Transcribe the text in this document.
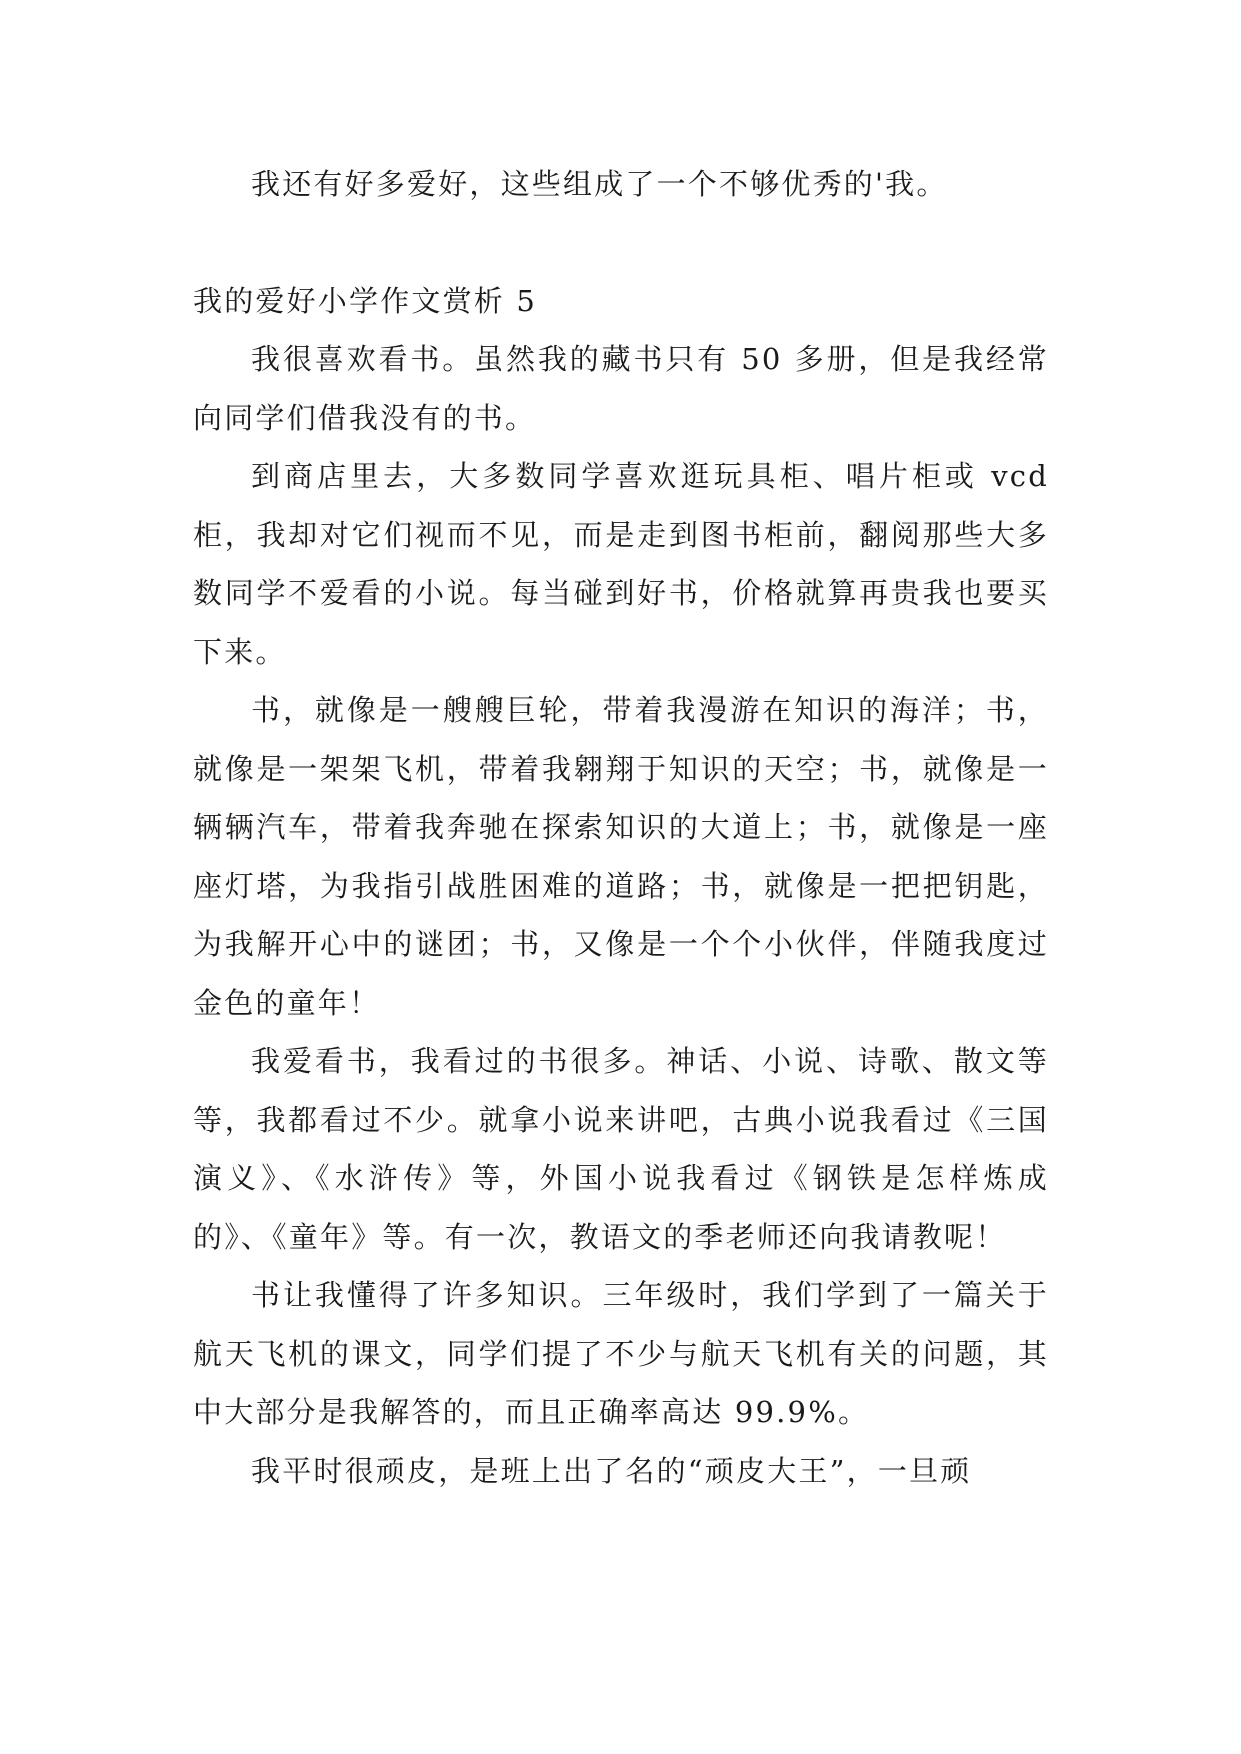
我还有好多爱好，这些组成了一个不够优秀的'我。

我的爱好小学作文赏析 5

我很喜欢看书。虽然我的藏书只有 50 多册，但是我经常向同学们借我没有的书。

到商店里去，大多数同学喜欢逛玩具柜、唱片柜或 vcd 柜，我却对它们视而不见，而是走到图书柜前，翻阅那些大多数同学不爱看的小说。每当碰到好书，价格就算再贵我也要买下来。

书，就像是一艘艘巨轮，带着我漫游在知识的海洋；书，就像是一架架飞机，带着我翱翔于知识的天空；书，就像是一辆辆汽车，带着我奔驰在探索知识的大道上；书，就像是一座座灯塔，为我指引战胜困难的道路；书，就像是一把把钥匙，为我解开心中的谜团；书，又像是一个个小伙伴，伴随我度过金色的童年！

我爱看书，我看过的书很多。神话、小说、诗歌、散文等等，我都看过不少。就拿小说来讲吧，古典小说我看过《三国演义》、《水浒传》等，外国小说我看过《钢铁是怎样炼成的》、《童年》等。有一次，教语文的季老师还向我请教呢！

书让我懂得了许多知识。三年级时，我们学到了一篇关于航天飞机的课文，同学们提了不少与航天飞机有关的问题，其中大部分是我解答的，而且正确率高达 99.9%。

我平时很顽皮，是班上出了名的“顽皮大王”，一旦顽
